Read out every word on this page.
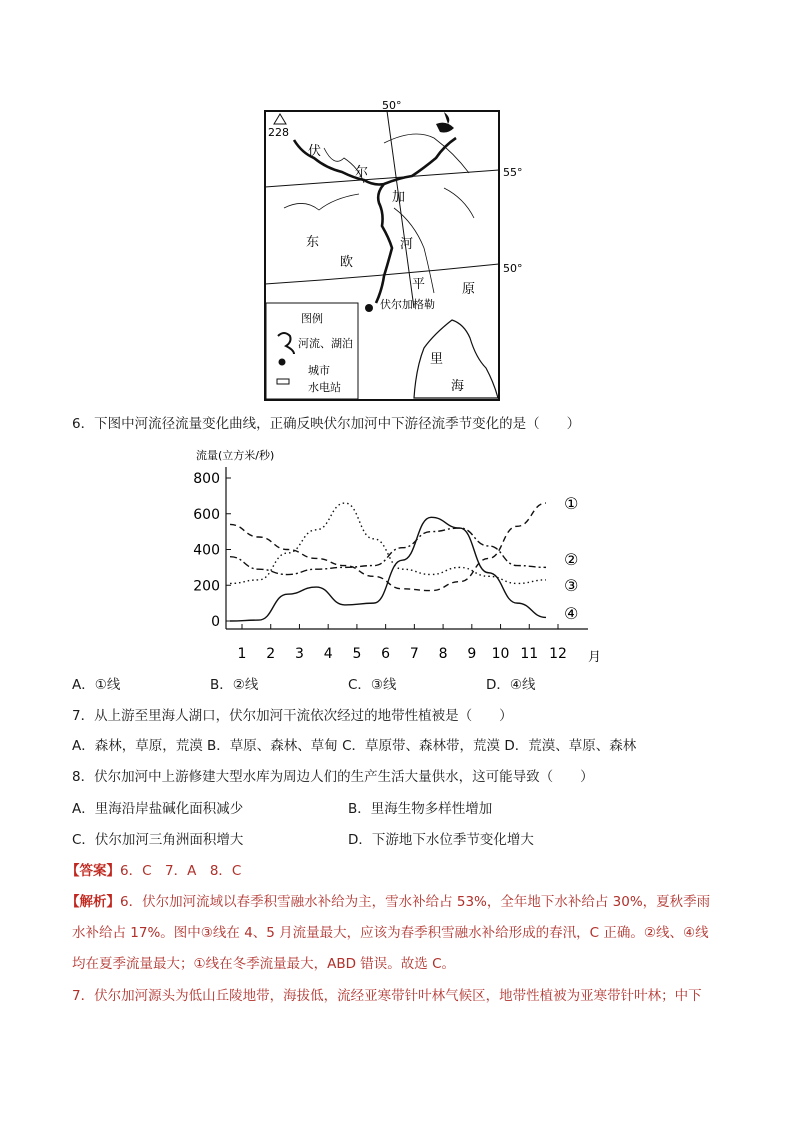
50°
55°
50°
伏尔加格勒
228
伏
尔
加
河
东
欧
平	原
里
海
图例
河流、湖泊
城市
水电站
6．下图中河流径流量变化曲线，正确反映伏尔加河中下游径流季节变化的是（　　）
流量(立方米/秒)
月
0
200
400
600
800
1 2 3 4 5 6 7 8 9 10 11 12
①
②
③
④
A．①线	B．②线	C．③线	D．④线
7．从上游至里海人湖口，伏尔加河干流依次经过的地带性植被是（　　）
A．森林，草原，荒漠 B．草原、森林、草甸 C．草原带、森林带，荒漠 D．荒漠、草原、森林
8．伏尔加河中上游修建大型水库为周边人们的生产生活大量供水，这可能导致（　　）
A．里海沿岸盐碱化面积减少	B．里海生物多样性增加
C．伏尔加河三角洲面积增大	D．下游地下水位季节变化增大
【答案】6．C　7．A　8．C
【解析】6．伏尔加河流域以春季积雪融水补给为主，雪水补给占 53%，全年地下水补给占 30%，夏秋季雨
水补给占 17%。图中③线在 4、5 月流量最大，应该为春季积雪融水补给形成的春汛，C 正确。②线、④线
均在夏季流量最大；①线在冬季流量最大，ABD 错误。故选 C。
7．伏尔加河源头为低山丘陵地带，海拔低，流经亚寒带针叶林气候区，地带性植被为亚寒带针叶林；中下
